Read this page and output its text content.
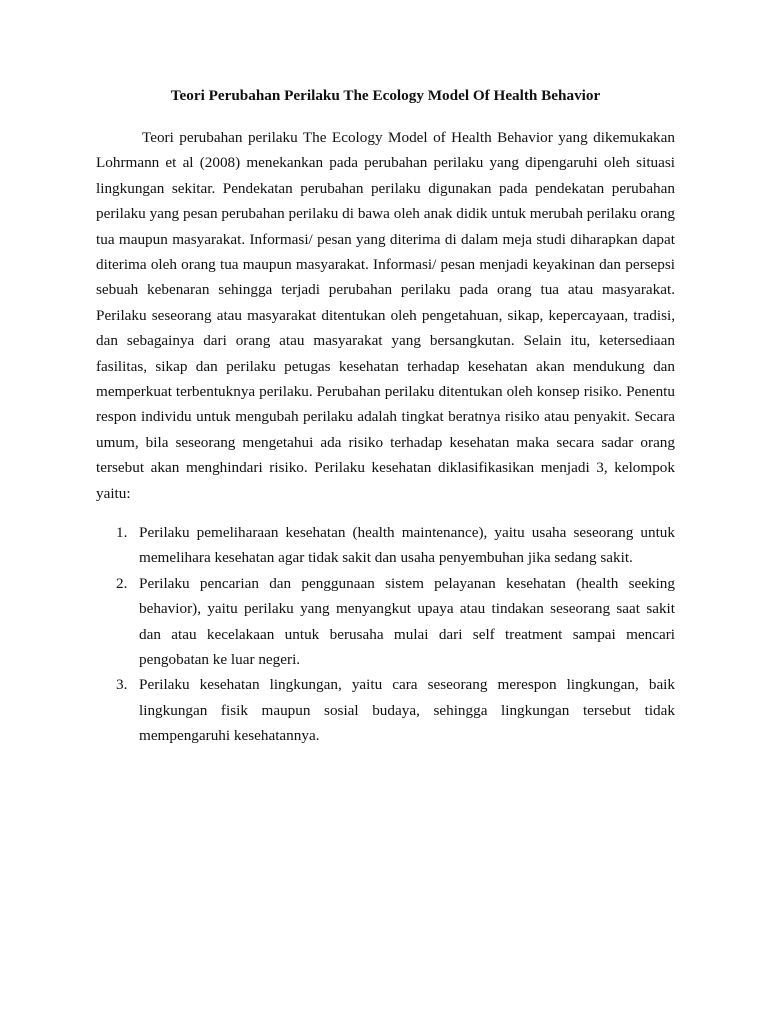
Teori Perubahan Perilaku The Ecology Model Of Health Behavior

Teori perubahan perilaku The Ecology Model of Health Behavior yang dikemukakan Lohrmann et al (2008) menekankan pada perubahan perilaku yang dipengaruhi oleh situasi lingkungan sekitar. Pendekatan perubahan perilaku digunakan pada pendekatan perubahan perilaku yang pesan perubahan perilaku di bawa oleh anak didik untuk merubah perilaku orang tua maupun masyarakat. Informasi/ pesan yang diterima di dalam meja studi diharapkan dapat diterima oleh orang tua maupun masyarakat. Informasi/ pesan menjadi keyakinan dan persepsi sebuah kebenaran sehingga terjadi perubahan perilaku pada orang tua atau masyarakat. Perilaku seseorang atau masyarakat ditentukan oleh pengetahuan, sikap, kepercayaan, tradisi, dan sebagainya dari orang atau masyarakat yang bersangkutan. Selain itu, ketersediaan fasilitas, sikap dan perilaku petugas kesehatan terhadap kesehatan akan mendukung dan memperkuat terbentuknya perilaku. Perubahan perilaku ditentukan oleh konsep risiko. Penentu respon individu untuk mengubah perilaku adalah tingkat beratnya risiko atau penyakit. Secara umum, bila seseorang mengetahui ada risiko terhadap kesehatan maka secara sadar orang tersebut akan menghindari risiko. Perilaku kesehatan diklasifikasikan menjadi 3, kelompok yaitu:

1. Perilaku pemeliharaan kesehatan (health maintenance), yaitu usaha seseorang untuk memelihara kesehatan agar tidak sakit dan usaha penyembuhan jika sedang sakit.
2. Perilaku pencarian dan penggunaan sistem pelayanan kesehatan (health seeking behavior), yaitu perilaku yang menyangkut upaya atau tindakan seseorang saat sakit dan atau kecelakaan untuk berusaha mulai dari self treatment sampai mencari pengobatan ke luar negeri.
3. Perilaku kesehatan lingkungan, yaitu cara seseorang merespon lingkungan, baik lingkungan fisik maupun sosial budaya, sehingga lingkungan tersebut tidak mempengaruhi kesehatannya.
